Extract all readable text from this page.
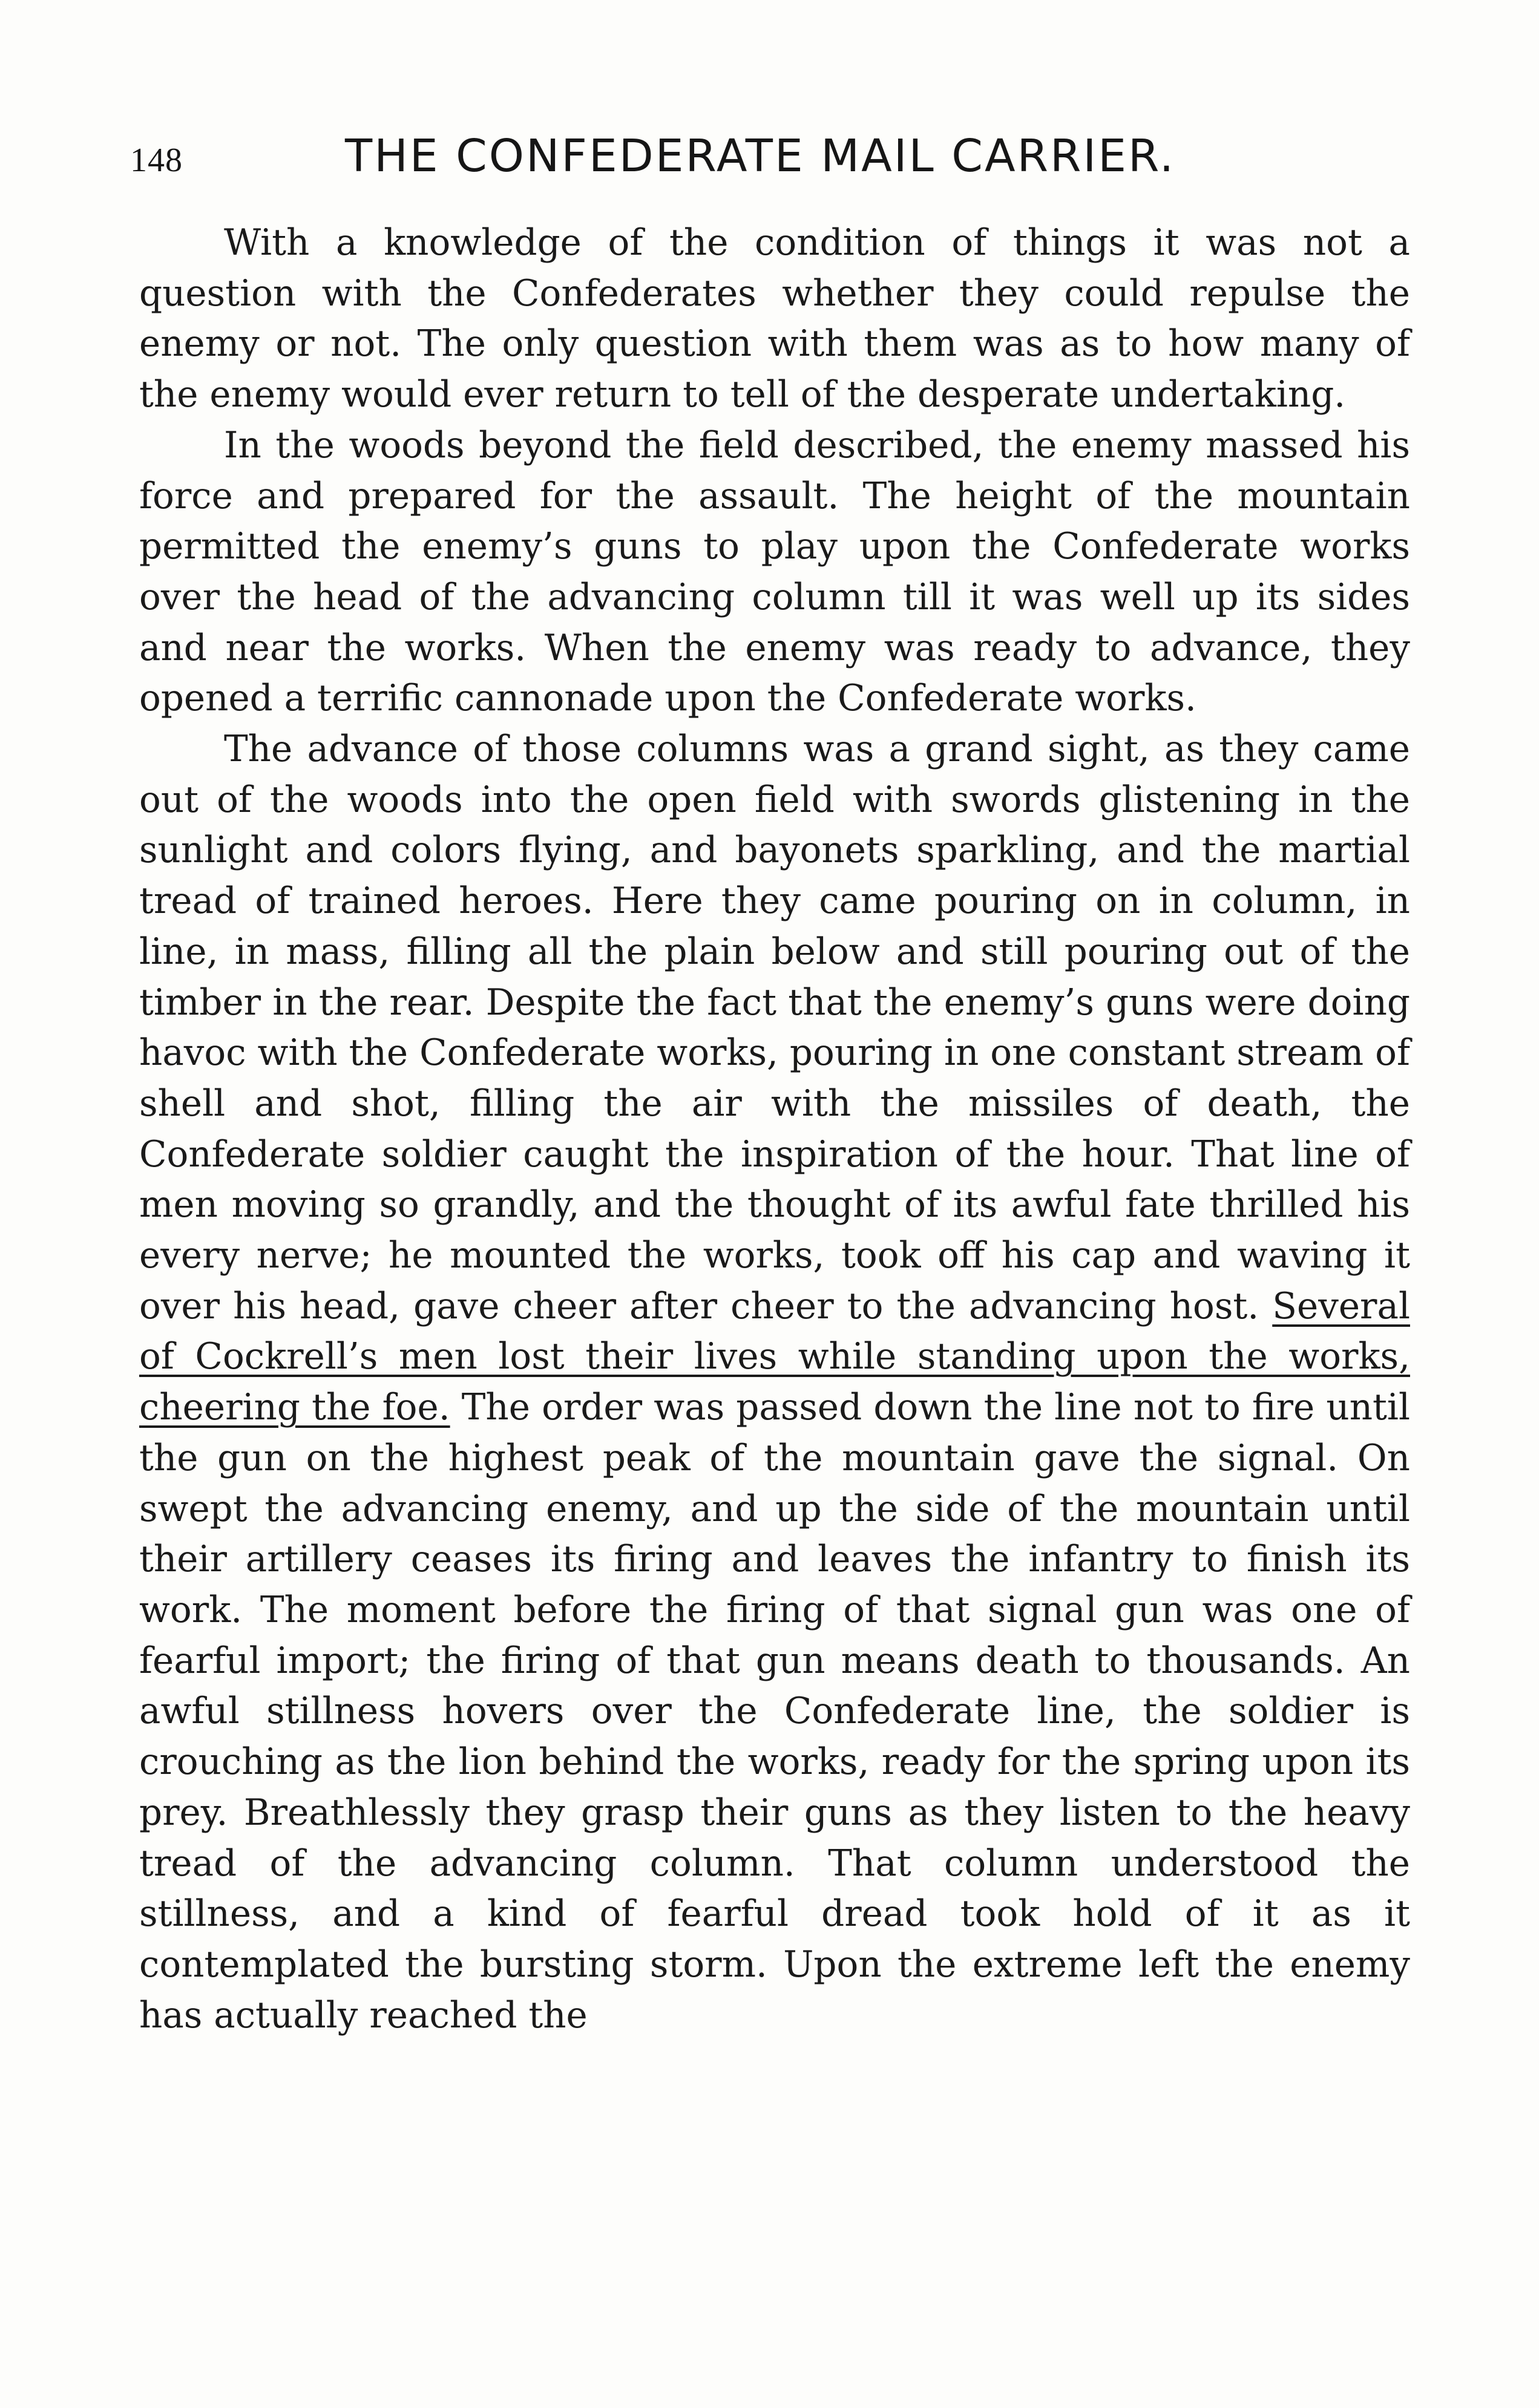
148	THE CONFEDERATE MAIL CARRIER.

With a knowledge of the condition of things it was not a question with the Confederates whether they could repulse the enemy or not. The only question with them was as to how many of the enemy would ever return to tell of the desperate undertaking.

In the woods beyond the field described, the enemy massed his force and prepared for the assault. The height of the mountain permitted the enemy’s guns to play upon the Confederate works over the head of the advancing column till it was well up its sides and near the works. When the enemy was ready to advance, they opened a terrific cannonade upon the Confederate works.

The advance of those columns was a grand sight, as they came out of the woods into the open field with swords glistening in the sunlight and colors flying, and bayonets sparkling, and the martial tread of trained heroes. Here they came pouring on in column, in line, in mass, filling all the plain below and still pouring out of the timber in the rear. Despite the fact that the enemy’s guns were doing havoc with the Confederate works, pouring in one constant stream of shell and shot, filling the air with the missiles of death, the Confederate soldier caught the inspiration of the hour. That line of men moving so grandly, and the thought of its awful fate thrilled his every nerve; he mounted the works, took off his cap and waving it over his head, gave cheer after cheer to the advancing host. Several of Cockrell’s men lost their lives while standing upon the works, cheering the foe. The order was passed down the line not to fire until the gun on the highest peak of the mountain gave the signal. On swept the advancing enemy, and up the side of the mountain until their artillery ceases its firing and leaves the infantry to finish its work. The moment before the firing of that signal gun was one of fearful import; the firing of that gun means death to thousands. An awful stillness hovers over the Confederate line, the soldier is crouching as the lion behind the works, ready for the spring upon its prey. Breathlessly they grasp their guns as they listen to the heavy tread of the advancing column. That column understood the stillness, and a kind of fearful dread took hold of it as it contemplated the bursting storm. Upon the extreme left the enemy has actually reached the
